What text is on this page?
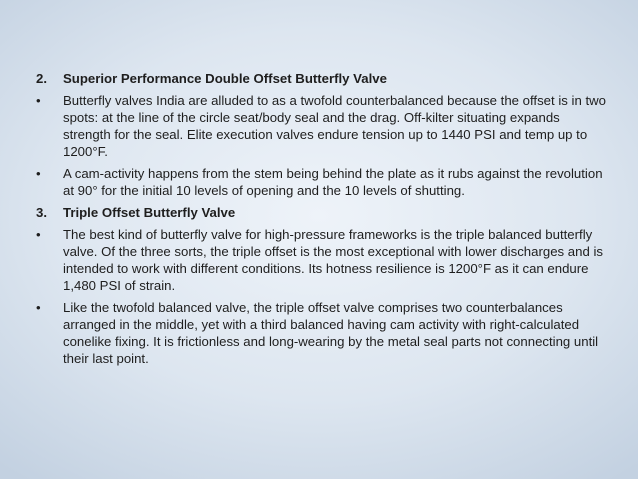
2.	Superior Performance Double Offset Butterfly Valve
•	Butterfly valves India are alluded to as a twofold counterbalanced because the offset is in two spots: at the line of the circle seat/body seal and the drag. Off-kilter situating expands strength for the seal. Elite execution valves endure tension up to 1440 PSI and temp up to 1200°F.
•	A cam-activity happens from the stem being behind the plate as it rubs against the revolution at 90° for the initial 10 levels of opening and the 10 levels of shutting.
3.	Triple Offset Butterfly Valve
•	The best kind of butterfly valve for high-pressure frameworks is the triple balanced butterfly valve. Of the three sorts, the triple offset is the most exceptional with lower discharges and is intended to work with different conditions. Its hotness resilience is 1200°F as it can endure 1,480 PSI of strain.
•	Like the twofold balanced valve, the triple offset valve comprises two counterbalances arranged in the middle, yet with a third balanced having cam activity with right-calculated conelike fixing. It is frictionless and long-wearing by the metal seal parts not connecting until their last point.
